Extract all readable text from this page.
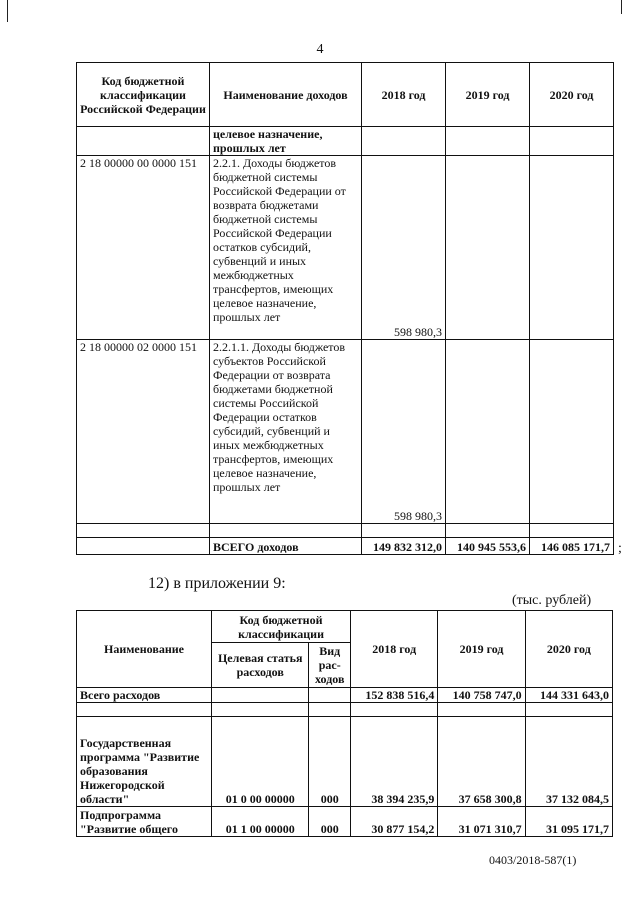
4
Код бюджетной классификации Российской Федерации	Наименование доходов	2018 год	2019 год	2020 год
	целевое назначение, прошлых лет			
2 18 00000 00 0000 151	2.2.1. Доходы бюджетов бюджетной системы Российской Федерации от возврата бюджетами бюджетной системы Российской Федерации остатков субсидий, субвенций и иных межбюджетных трансфертов, имеющих целевое назначение, прошлых лет	598 980,3		
2 18 00000 02 0000 151	2.2.1.1. Доходы бюджетов субъектов Российской Федерации от возврата бюджетами бюджетной системы Российской Федерации остатков субсидий, субвенций и иных межбюджетных трансфертов, имеющих целевое назначение, прошлых лет	598 980,3		

	ВСЕГО доходов	149 832 312,0	140 945 553,6	146 085 171,7 ;
12) в приложении 9:
(тыс. рублей)
Наименование	Код бюджетной классификации		2018 год	2019 год	2020 год
	Целевая статья расходов	Вид рас-ходов			
Всего расходов			152 838 516,4	140 758 747,0	144 331 643,0

Государственная программа "Развитие образования Нижегородской области"	01 0 00 00000	000	38 394 235,9	37 658 300,8	37 132 084,5
Подпрограмма "Развитие общего	01 1 00 00000	000	30 877 154,2	31 071 310,7	31 095 171,7
0403/2018-587(1)
